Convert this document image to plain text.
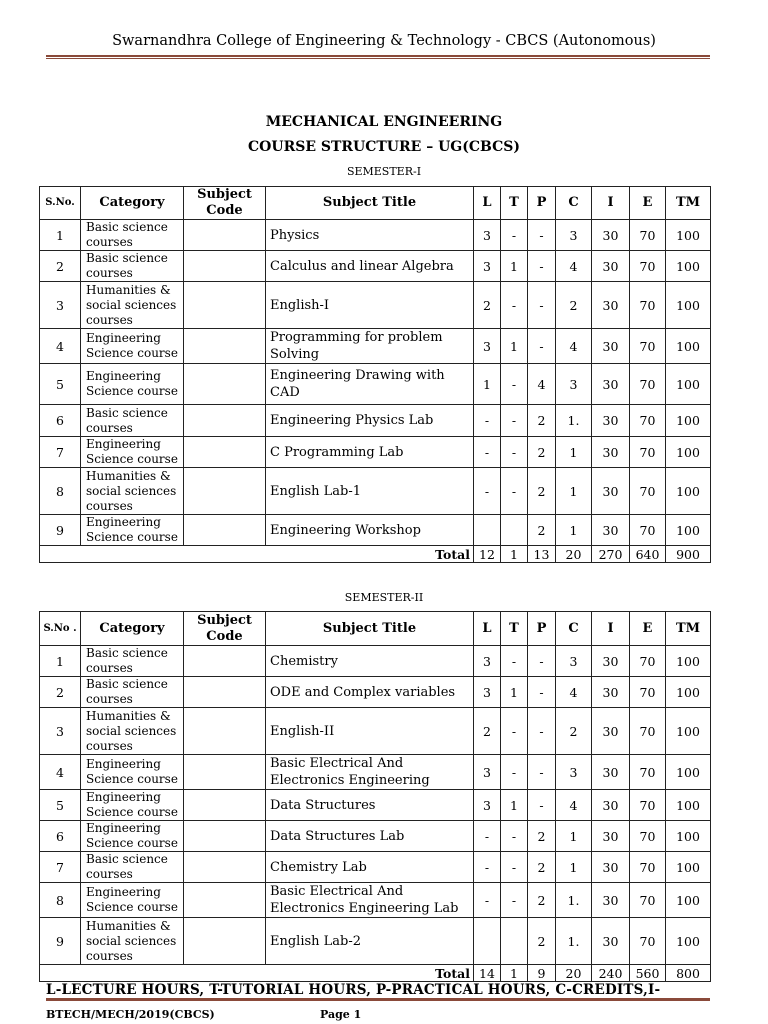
Swarnandhra College of Engineering & Technology - CBCS (Autonomous)
MECHANICAL ENGINEERING
COURSE STRUCTURE – UG(CBCS)
SEMESTER-I
S.No.	Category	Subject Code	Subject Title	L	T	P	C	I	E	TM
1	Basic science courses		Physics	3	-	-	3	30	70	100
2	Basic science courses		Calculus and linear Algebra	3	1	-	4	30	70	100
3	Humanities & social sciences courses		English-I	2	-	-	2	30	70	100
4	Engineering Science course		Programming for problem Solving	3	1	-	4	30	70	100
5	Engineering Science course		Engineering Drawing with CAD	1	-	4	3	30	70	100
6	Basic science courses		Engineering Physics Lab	-	-	2	1.	30	70	100
7	Engineering Science course		C Programming Lab	-	-	2	1	30	70	100
8	Humanities & social sciences courses		English Lab-1	-	-	2	1	30	70	100
9	Engineering Science course		Engineering Workshop			2	1	30	70	100
Total				12	1	13	20	270	640	900
SEMESTER-II
S.No .	Category	Subject Code	Subject Title	L	T	P	C	I	E	TM
1	Basic science courses		Chemistry	3	-	-	3	30	70	100
2	Basic science courses		ODE and Complex variables	3	1	-	4	30	70	100
3	Humanities & social sciences courses		English-II	2	-	-	2	30	70	100
4	Engineering Science course		Basic Electrical And Electronics Engineering	3	-	-	3	30	70	100
5	Engineering Science course		Data Structures	3	1	-	4	30	70	100
6	Engineering Science course		Data Structures Lab	-	-	2	1	30	70	100
7	Basic science courses		Chemistry Lab	-	-	2	1	30	70	100
8	Engineering Science course		Basic Electrical And Electronics Engineering Lab	-	-	2	1.	30	70	100
9	Humanities & social sciences courses		English Lab-2			2	1.	30	70	100
Total				14	1	9	20	240	560	800
L-LECTURE HOURS, T-TUTORIAL HOURS, P-PRACTICAL HOURS, C-CREDITS,I-
BTECH/MECH/2019(CBCS)	Page 1
